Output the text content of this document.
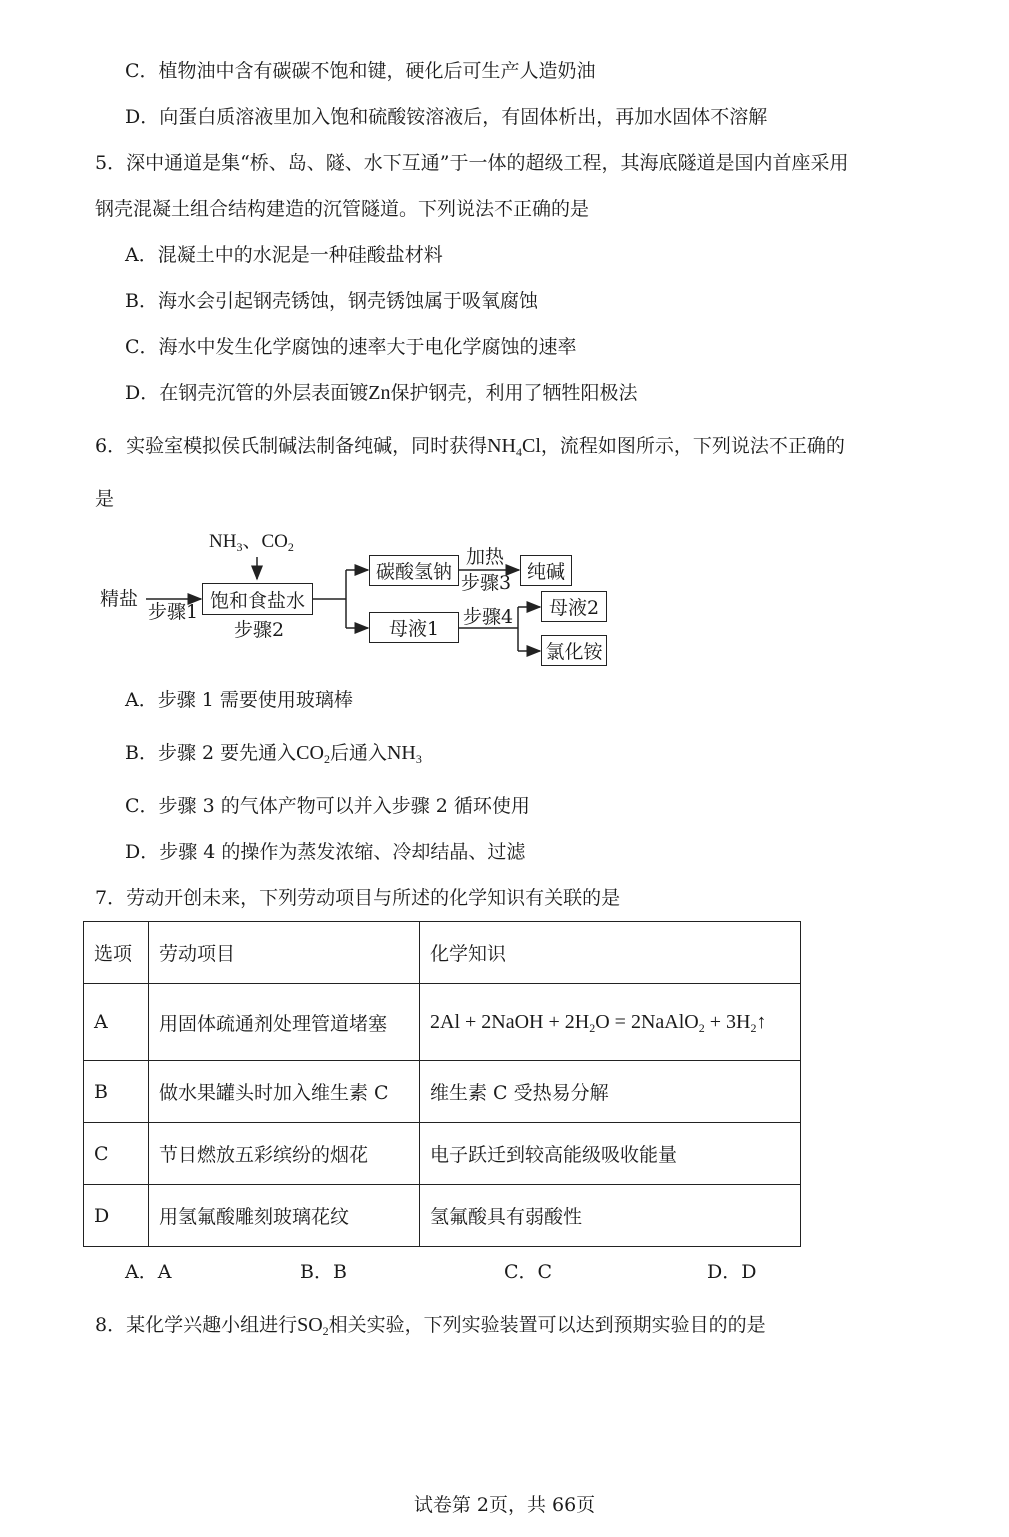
C．植物油中含有碳碳不饱和键，硬化后可生产人造奶油
D．向蛋白质溶液里加入饱和硫酸铵溶液后，有固体析出，再加水固体不溶解
5．深中通道是集“桥、岛、隧、水下互通”于一体的超级工程，其海底隧道是国内首座采用
钢壳混凝土组合结构建造的沉管隧道。下列说法不正确的是
A．混凝土中的水泥是一种硅酸盐材料
B．海水会引起钢壳锈蚀，钢壳锈蚀属于吸氧腐蚀
C．海水中发生化学腐蚀的速率大于电化学腐蚀的速率
D．在钢壳沉管的外层表面镀Zn保护钢壳，利用了牺牲阳极法
6．实验室模拟侯氏制碱法制备纯碱，同时获得$NH_4Cl$，流程如图所示，下列说法不正确的
是
$NH_3$、$CO_2$
精盐
步骤1
饱和食盐水
步骤2
碳酸氢钠
加热
步骤3 纯碱
母液1
步骤4	母液2
氯化铵
A．步骤 1 需要使用玻璃棒
B．步骤 2 要先通入$CO_2$后通入$NH_3$
C．步骤 3 的气体产物可以并入步骤 2 循环使用
D．步骤 4 的操作为蒸发浓缩、冷却结晶、过滤
7．劳动开创未来，下列劳动项目与所述的化学知识有关联的是
选项	劳动项目	化学知识
A	用固体疏通剂处理管道堵塞	2Al + 2NaOH + $2H_2O$ = 2NaAlO$_2$ + $3H_2↑$
B	做水果罐头时加入维生素 C	维生素 C 受热易分解
C	节日燃放五彩缤纷的烟花	电子跃迁到较高能级吸收能量
D	用氢氟酸雕刻玻璃花纹	氢氟酸具有弱酸性
A．A	B．B	C．C	D．D
8．某化学兴趣小组进行$SO_2$相关实验，下列实验装置可以达到预期实验目的的是
试卷第 2页，共 66页
